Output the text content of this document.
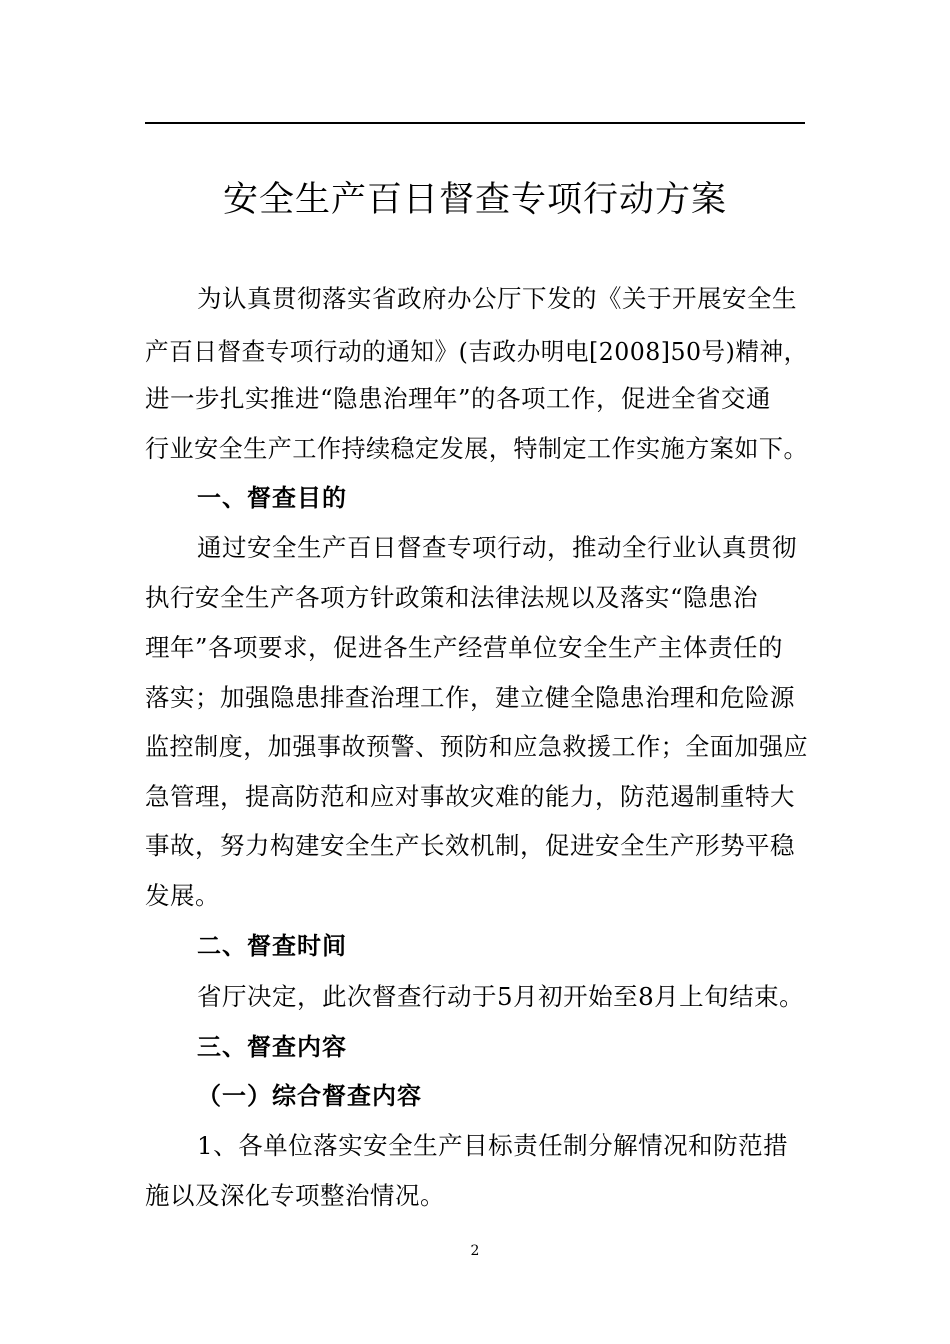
安全生产百日督查专项行动方案
为认真贯彻落实省政府办公厅下发的《关于开展安全生
产百日督查专项行动的通知》(吉政办明电[2008]50号)精神，
进一步扎实推进“隐患治理年”的各项工作，促进全省交通
行业安全生产工作持续稳定发展，特制定工作实施方案如下。
一、督查目的
通过安全生产百日督查专项行动，推动全行业认真贯彻
执行安全生产各项方针政策和法律法规以及落实“隐患治
理年”各项要求，促进各生产经营单位安全生产主体责任的
落实；加强隐患排查治理工作，建立健全隐患治理和危险源
监控制度，加强事故预警、预防和应急救援工作；全面加强应
急管理，提高防范和应对事故灾难的能力，防范遏制重特大
事故，努力构建安全生产长效机制，促进安全生产形势平稳
发展。
二、督查时间
省厅决定，此次督查行动于5月初开始至8月上旬结束。
三、督查内容
（一）综合督查内容
1、各单位落实安全生产目标责任制分解情况和防范措
施以及深化专项整治情况。
2
